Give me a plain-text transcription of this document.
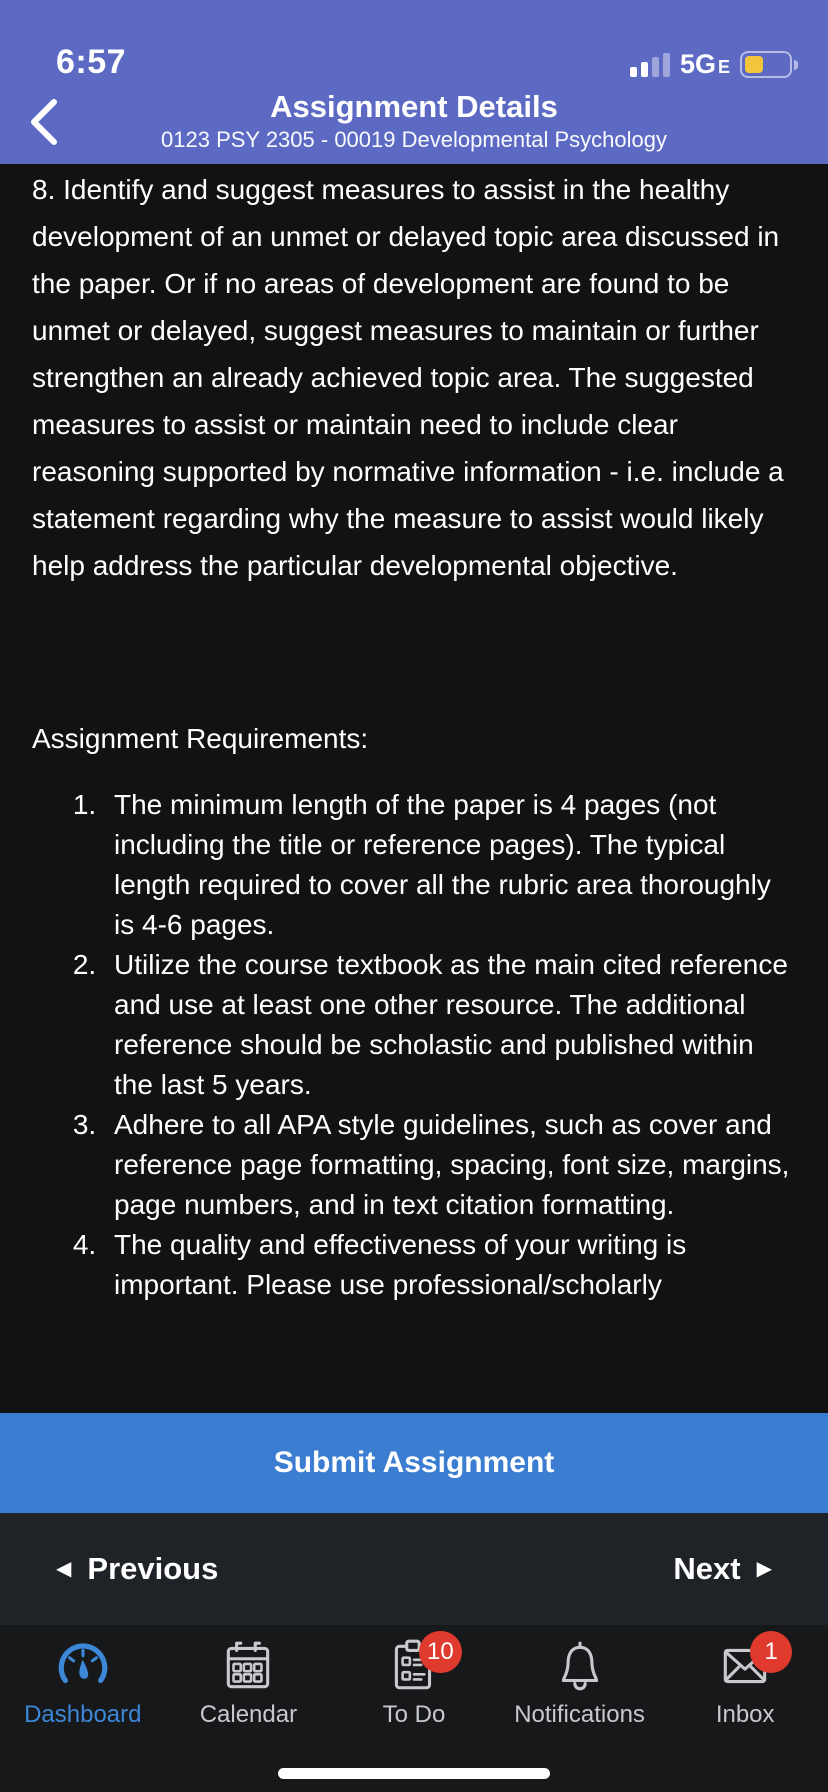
6:57	5G E
Assignment Details
0123 PSY 2305 - 00019 Developmental Psychology

8. Identify and suggest measures to assist in the healthy development of an unmet or delayed topic area discussed in the paper. Or if no areas of development are found to be unmet or delayed, suggest measures to maintain or further strengthen an already achieved topic area. The suggested measures to assist or maintain need to include clear reasoning supported by normative information - i.e. include a statement regarding why the measure to assist would likely help address the particular developmental objective.

Assignment Requirements:

1. The minimum length of the paper is 4 pages (not including the title or reference pages). The typical length required to cover all the rubric area thoroughly is 4-6 pages.
2. Utilize the course textbook as the main cited reference and use at least one other resource. The additional reference should be scholastic and published within the last 5 years.
3. Adhere to all APA style guidelines, such as cover and reference page formatting, spacing, font size, margins, page numbers, and in text citation formatting.
4. The quality and effectiveness of your writing is important. Please use professional/scholarly
Submit Assignment
◀ Previous	Next ▶
Dashboard Calendar
10
To Do	Notifications
1
Inbox
